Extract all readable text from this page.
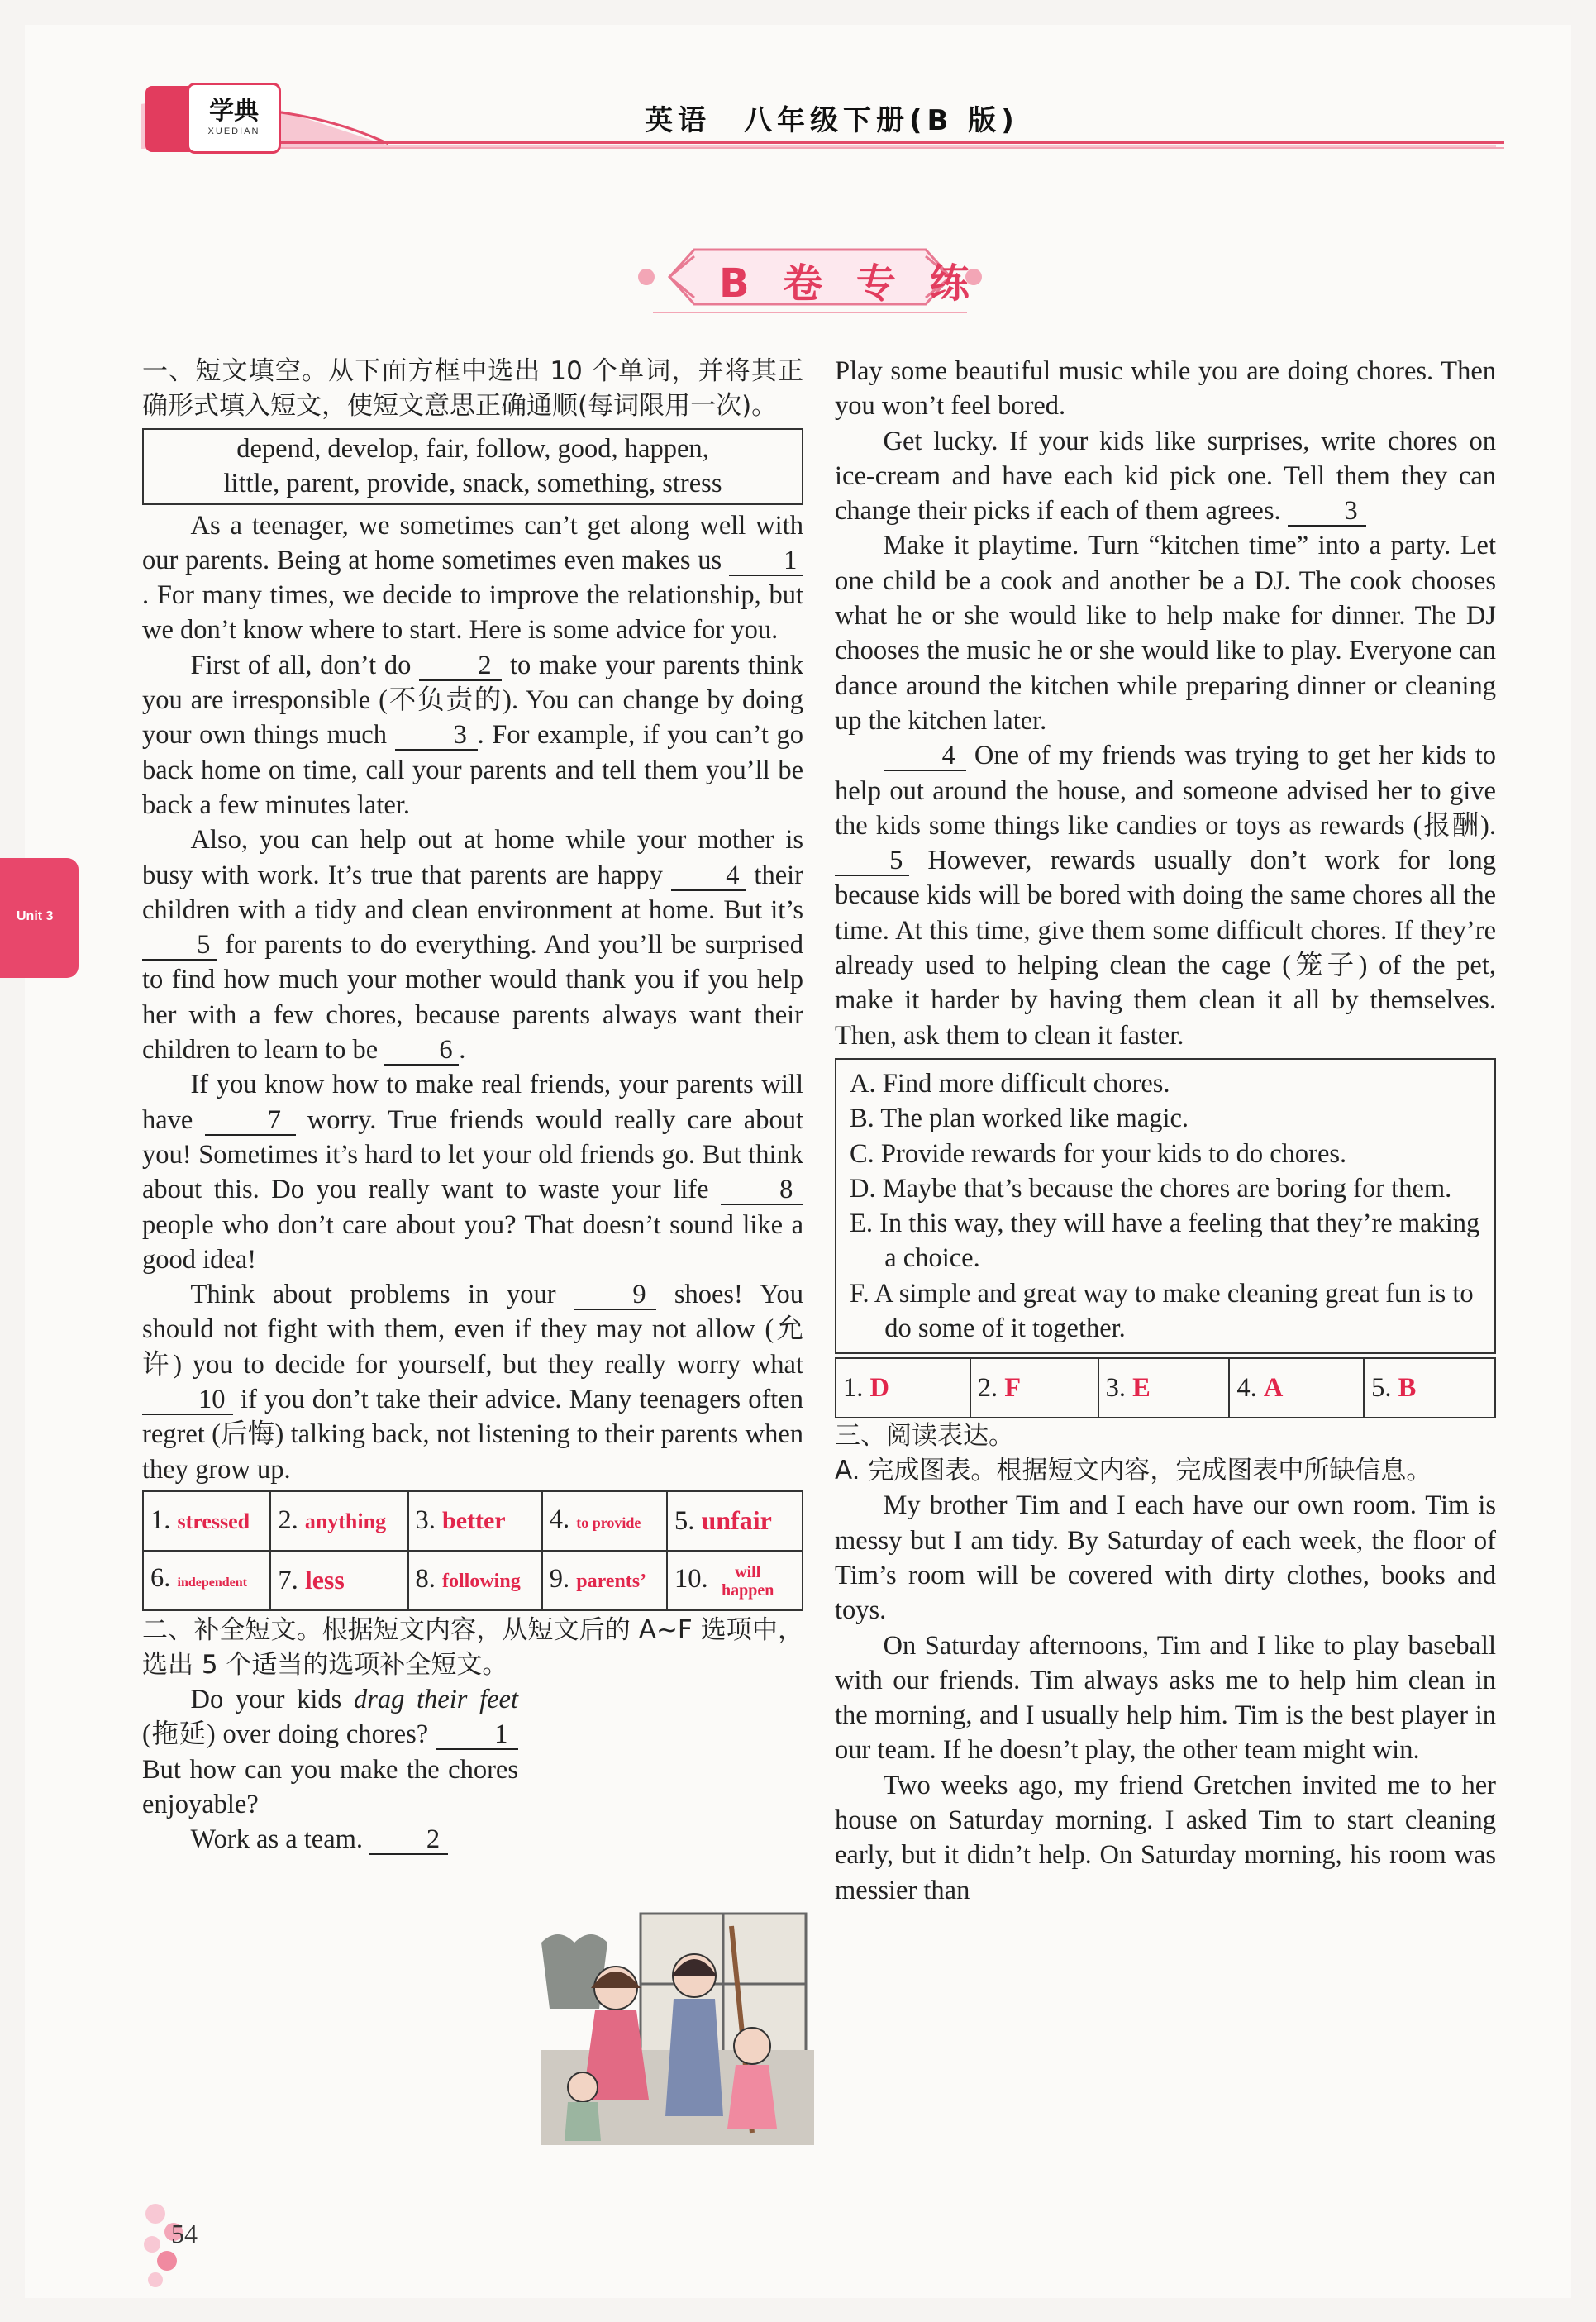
学典
XUEDIAN	英语　八年级下册(B 版)
B 卷 专 练
Unit 3

一、短文填空。从下面方框中选出 10 个单词，并将其正确形式填入短文，使短文意思正确通顺(每词限用一次)。

depend, develop, fair, follow, good, happen,
little, parent, provide, snack, something, stress

As a teenager, we sometimes can’t get along well with our parents. Being at home sometimes even makes us 1. For many times, we decide to improve the relationship, but we don’t know where to start. Here is some advice for you.

First of all, don’t do 2 to make your parents think you are irresponsible (不负责的). You can change by doing your own things much 3 . For example, if you can’t go back home on time, call your parents and tell them you’ll be back a few minutes later.

Also, you can help out at home while your mother is busy with work. It’s true that parents are happy 4 their children with a tidy and clean environment at home. But it’s 5 for parents to do everything. And you’ll be surprised to find how much your mother would thank you if you help her with a few chores, because parents always want their children to learn to be 6 .

If you know how to make real friends, your parents will have 7 worry. True friends would really care about you! Sometimes it’s hard to let your old friends go. But think about this. Do you really want to waste your life 8 people who don’t care about you? That doesn’t sound like a good idea!

Think about problems in your 9 shoes! You should not fight with them, even if they may not allow (允许) you to decide for yourself, but they really worry what 10 if you don’t take their advice. Many teenagers often regret (后悔) talking back, not listening to their parents when they grow up.

1. stressed	2. anything	3. better	4. to provide	5. unfair
6. independent	7. less	8. following	9. parents’	10. will happen

二、补全短文。根据短文内容，从短文后的 A~F 选项中，选出 5 个适当的选项补全短文。

Do your kids drag their feet (拖延) over doing chores? 1 But how can you make the chores enjoyable?

Work as a team. 2

Play some beautiful music while you are doing chores. Then you won’t feel bored.

Get lucky. If your kids like surprises, write chores on ice-cream and have each kid pick one. Tell them they can change their picks if each of them agrees. 3

Make it playtime. Turn “kitchen time” into a party. Let one child be a cook and another be a DJ. The cook chooses what he or she would like to help make for dinner. The DJ chooses the music he or she would like to play. Everyone can dance around the kitchen while preparing dinner or cleaning up the kitchen later.

4 One of my friends was trying to get her kids to help out around the house, and someone advised her to give the kids some things like candies or toys as rewards (报酬). 5 However, rewards usually don’t work for long because kids will be bored with doing the same chores all the time. At this time, give them some difficult chores. If they’re already used to helping clean the cage (笼子) of the pet, make it harder by having them clean it all by themselves. Then, ask them to clean it faster.

A. Find more difficult chores.
B. The plan worked like magic.
C. Provide rewards for your kids to do chores.
D. Maybe that’s because the chores are boring for them.
E. In this way, they will have a feeling that they’re making a choice.
F. A simple and great way to make cleaning great fun is to do some of it together.
1. D	2. F	3. E	4. A	5. B

三、阅读表达。

A. 完成图表。根据短文内容，完成图表中所缺信息。

My brother Tim and I each have our own room. Tim is messy but I am tidy. By Saturday of each week, the floor of Tim’s room will be covered with dirty clothes, books and toys.

On Saturday afternoons, Tim and I like to play baseball with our friends. Tim always asks me to help him clean in the morning, and I usually help him. Tim is the best player in our team. If he doesn’t play, the other team might win.

Two weeks ago, my friend Gretchen invited me to her house on Saturday morning. I asked Tim to start cleaning early, but it didn’t help. On Saturday morning, his room was messier than

54
